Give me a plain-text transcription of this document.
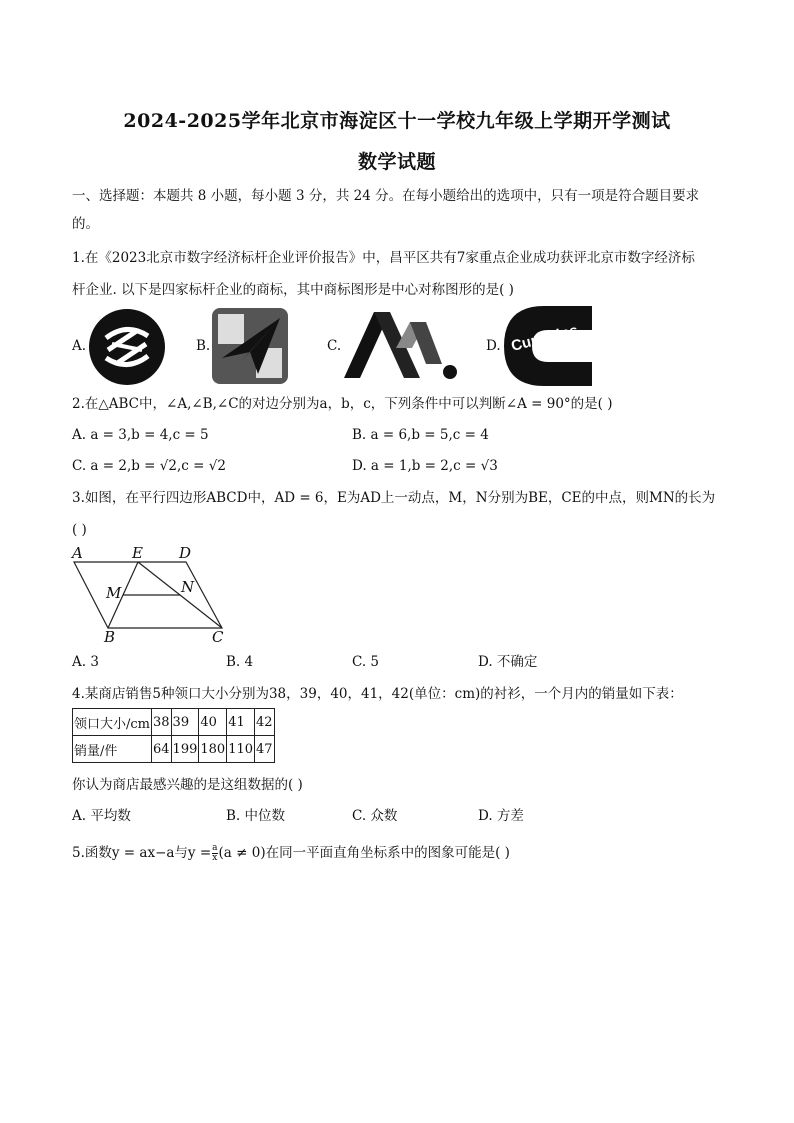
2024-2025学年北京市海淀区十一学校九年级上学期开学测试
数学试题
一、选择题：本题共 8 小题，每小题 3 分，共 24 分。在每小题给出的选项中，只有一项是符合题目要求
的。
1.在《2023北京市数字经济标杆企业评价报告》中，昌平区共有7家重点企业成功获评北京市数字经济标
杆企业. 以下是四家标杆企业的商标，其中商标图形是中心对称图形的是( )
A.	B.	C.	D. Cummins
2.在△ABC中，∠A,∠B,∠C的对边分别为a，b，c，下列条件中可以判断∠A = 90°的是( )
A. a = 3,b = 4,c = 5	B. a = 6,b = 5,c = 4
C. a = 2,b = √2,c = √2	D. a = 1,b = 2,c = √3
3.如图，在平行四边形ABCD中，AD = 6，E为AD上一动点，M，N分别为BE，CE的中点，则MN的长为
( )
A	E D
M	N
B	C
A. 3	B. 4	C. 5	D. 不确定
4.某商店销售5种领口大小分别为38，39，40，41，42(单位：cm)的衬衫，一个月内的销量如下表：
领口大小/cm	38	39	40	41	42
销量/件	64	199	180	110	47
你认为商店最感兴趣的是这组数据的( )
A. 平均数	B. 中位数	C. 众数	D. 方差
5.函数y = ax−a与$y = \frac{a}{x} (a \ne 0)$在同一平面直角坐标系中的图象可能是( )
